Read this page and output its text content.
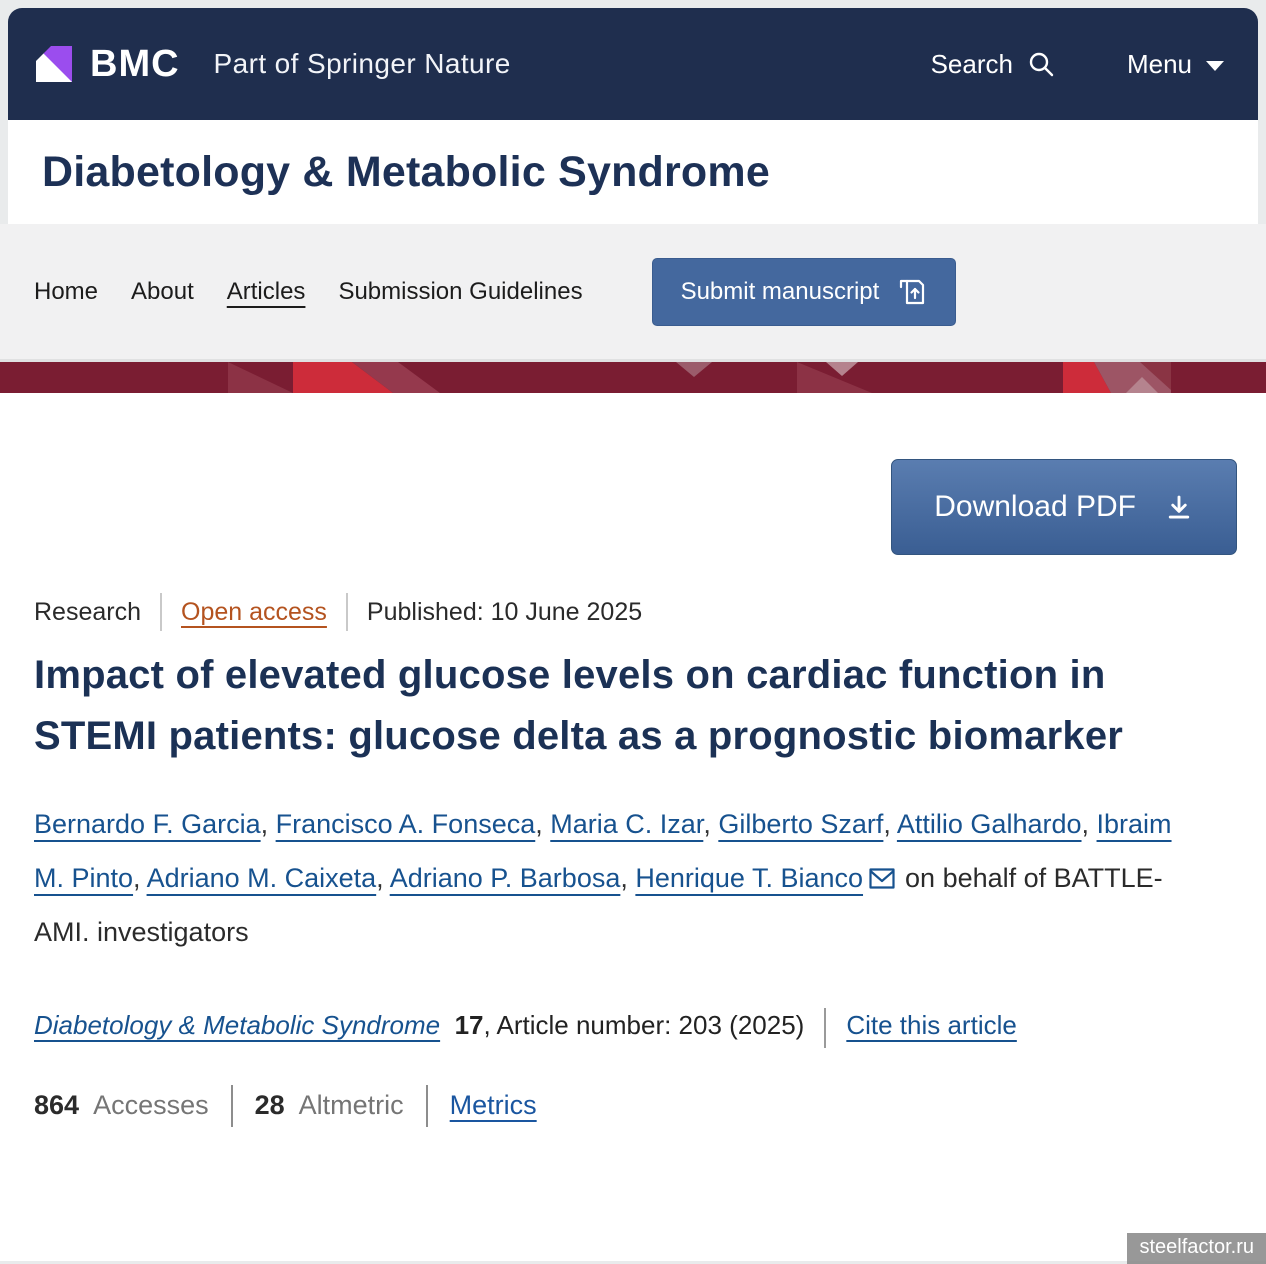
BMC Part of Springer Nature	Search	Menu
Diabetology & Metabolic Syndrome
Home About Articles Submission Guidelines	Submit manuscript
Download PDF
Research Open access Published: 10 June 2025
Impact of elevated glucose levels on cardiac function in STEMI patients: glucose delta as a prognostic biomarker

Bernardo F. Garcia, Francisco A. Fonseca, Maria C. Izar, Gilberto Szarf, Attilio Galhardo, Ibraim M. Pinto, Adriano M. Caixeta, Adriano P. Barbosa, Henrique T. Bianco on behalf of BATTLE-AMI. investigators

Diabetology & Metabolic Syndrome 17, Article number: 203 (2025) Cite this article

864 Accesses 28 Altmetric Metrics
steelfactor.ru
